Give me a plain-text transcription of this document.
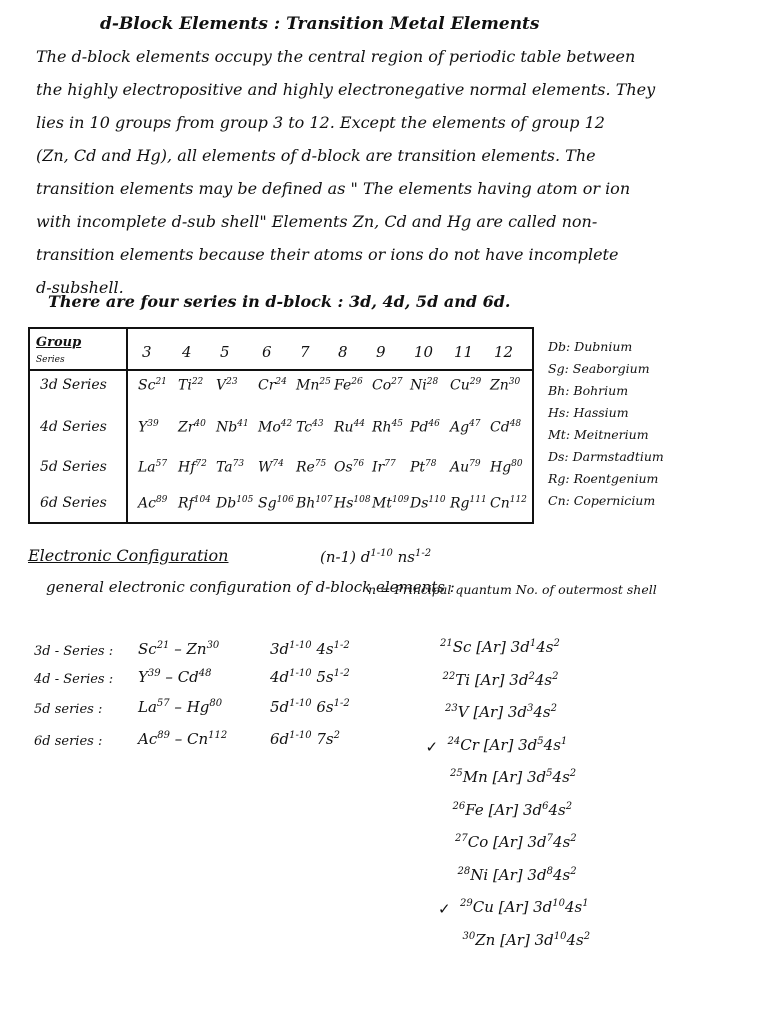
d-Block Elements : Transition Metal Elements
The d-block elements occupy the central region of periodic table between
the highly electropositive and highly electronegative normal elements. They
lies in 10 groups from group 3 to 12. Except the elements of group 12
(Zn, Cd and Hg), all elements of d-block are transition elements. The
transition elements may be defined as " The elements having atom or ion
with incomplete d-sub shell" Elements Zn, Cd and Hg are called non-
transition elements because their atoms or ions do not have incomplete
d-subshell.
There are four series in d-block : 3d, 4d, 5d and 6d.
Group
Series	3 4 5 6 7 8 9 10 11 12
3d Series Sc$^{21}$ Ti$^{22}$ $V^{23}$ Cr$^{24}$ Mn$^{25}$ Fe$^{26}$ Co$^{27}$ Ni$^{28}$ Cu$^{29}$ Zn$^{30}$
4d Series $Y^{39}$ Zr$^{40}$ Nb$^{41}$ Mo$^{42}$ Tc$^{43}$ Ru$^{44}$ Rh$^{45}$ Pd$^{46}$ Ag$^{47}$ Cd$^{48}$
5d Series La$^{57}$ Hf$^{72}$ Ta$^{73}$ $W^{74}$ Re$^{75}$ Os$^{76}$ Ir$^{77}$ Pt$^{78}$ Au$^{79}$ Hg$^{80}$
6d Series Ac$^{89}$ Rf$^{104}$ Db$^{105}$ Sg$^{106}$ Bh$^{107}$ Hs$^{108}$ Mt$^{109}$ Ds$^{110}$ Rg$^{111}$ Cn$^{112}$
Db: Dubnium
Sg: Seaborgium
Bh: Bohrium
Hs: Hassium
Mt: Meitnerium
Ds: Darmstadtium
Rg: Roentgenium
Cn: Copernicium
Electronic Configuration	(n-1) $d^{1-10}$ $ns^{1-2}$
general electronic configuration of d-block elements :
n = Principal quantum No. of outermost shell
3d - Series : Sc$^{21}$ – Zn$^{30}$	$3d^{1-10}$ $4s^{1-2}$
4d - Series : $Y^{39} - Cd^{48}$	$4d^{1-10}$ $5s^{1-2}$
5d series : La$^{57}$ – Hg$^{80}$	$5d^{1-10}$ $6s^{1-2}$
6d series : Ac$^{89}$ – Cn$^{112}$	$6d^{1-10}$ $7s^2$
$^{21}$Sc [Ar] $3d^14s^2$
$^{22}$Ti [Ar] $3d^24s^2$
$^{23}$V [Ar] $3d^34s^2$
✓ $^{24}$Cr [Ar] $3d^54s^1$
$^{25}$Mn [Ar] $3d^54s^2$
$^{26}$Fe [Ar] $3d^64s^2$
$^{27}$Co [Ar] $3d^74s^2$
$^{28}$Ni [Ar] $3d^84s^2$
✓ $^{29}$Cu [Ar] $3d^{10}4s^1$
$^{30}$Zn [Ar] $3d^{10}4s^2$
